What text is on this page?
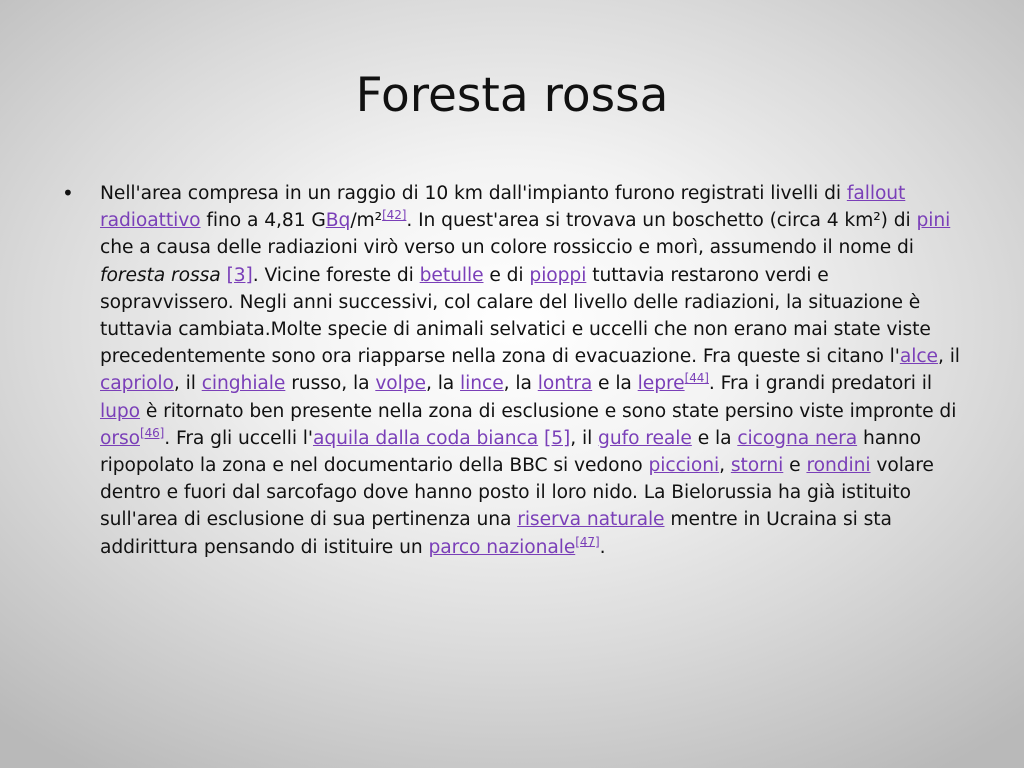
Foresta rossa
• Nell'area compresa in un raggio di 10 km dall'impianto furono registrati livelli di fallout radioattivo fino a 4,81 GBq/m²[42]. In quest'area si trovava un boschetto (circa 4 km²) di pini che a causa delle radiazioni virò verso un colore rossiccio e morì, assumendo il nome di foresta rossa [3]. Vicine foreste di betulle e di pioppi tuttavia restarono verdi e sopravvissero. Negli anni successivi, col calare del livello delle radiazioni, la situazione è tuttavia cambiata.Molte specie di animali selvatici e uccelli che non erano mai state viste precedentemente sono ora riapparse nella zona di evacuazione. Fra queste si citano l'alce, il capriolo, il cinghiale russo, la volpe, la lince, la lontra e la lepre[44]. Fra i grandi predatori il lupo è ritornato ben presente nella zona di esclusione e sono state persino viste impronte di orso[46]. Fra gli uccelli l'aquila dalla coda bianca [5], il gufo reale e la cicogna nera hanno ripopolato la zona e nel documentario della BBC si vedono piccioni, storni e rondini volare dentro e fuori dal sarcofago dove hanno posto il loro nido. La Bielorussia ha già istituito sull'area di esclusione di sua pertinenza una riserva naturale mentre in Ucraina si sta addirittura pensando di istituire un parco nazionale[47].
